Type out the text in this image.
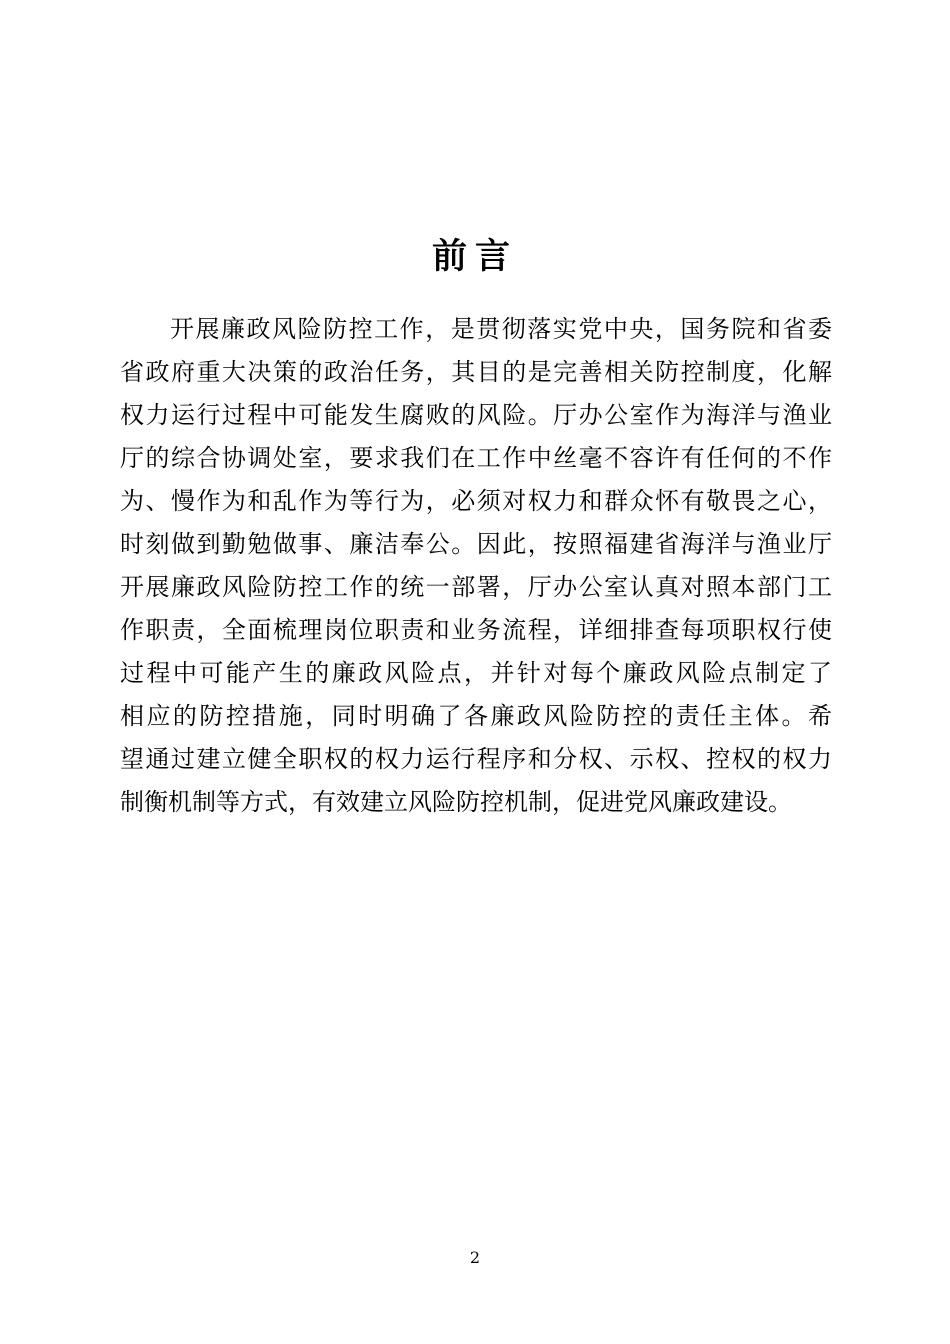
前言
开展廉政风险防控工作，是贯彻落实党中央，国务院和省委
省政府重大决策的政治任务，其目的是完善相关防控制度，化解
权力运行过程中可能发生腐败的风险。厅办公室作为海洋与渔业
厅的综合协调处室，要求我们在工作中丝毫不容许有任何的不作
为、慢作为和乱作为等行为，必须对权力和群众怀有敬畏之心，
时刻做到勤勉做事、廉洁奉公。因此，按照福建省海洋与渔业厅
开展廉政风险防控工作的统一部署，厅办公室认真对照本部门工
作职责，全面梳理岗位职责和业务流程，详细排查每项职权行使
过程中可能产生的廉政风险点，并针对每个廉政风险点制定了
相应的防控措施，同时明确了各廉政风险防控的责任主体。希
望通过建立健全职权的权力运行程序和分权、示权、控权的权力
制衡机制等方式，有效建立风险防控机制，促进党风廉政建设。
2
